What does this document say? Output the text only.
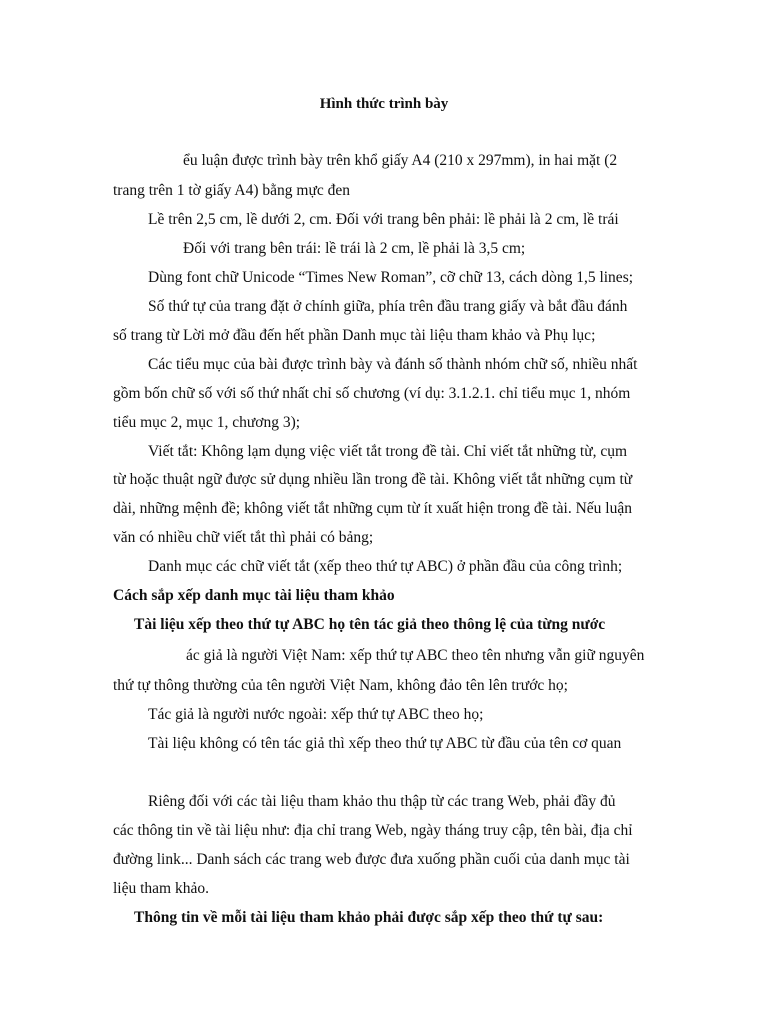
Hình thức trình bày

ểu luận được trình bày trên khổ giấy A4 (210 x 297mm), in hai mặt (2

trang trên 1 tờ giấy A4) bằng mực đen

Lề trên 2,5 cm, lề dưới 2, cm. Đối với trang bên phải: lề phải là 2 cm, lề trái

Đối với trang bên trái: lề trái là 2 cm, lề phải là 3,5 cm;

Dùng font chữ Unicode “Times New Roman”, cỡ chữ 13, cách dòng 1,5 lines;

Số thứ tự của trang đặt ở chính giữa, phía trên đầu trang giấy và bắt đầu đánh

số trang từ Lời mở đầu đến hết phần Danh mục tài liệu tham khảo và Phụ lục;

Các tiểu mục của bài được trình bày và đánh số thành nhóm chữ số, nhiều nhất

gồm bốn chữ số với số thứ nhất chỉ số chương (ví dụ: 3.1.2.1. chỉ tiểu mục 1, nhóm

tiểu mục 2, mục 1, chương 3);

Viết tắt: Không lạm dụng việc viết tắt trong đề tài. Chỉ viết tắt những từ, cụm

từ hoặc thuật ngữ được sử dụng nhiều lần trong đề tài. Không viết tắt những cụm từ

dài, những mệnh đề; không viết tắt những cụm từ ít xuất hiện trong đề tài. Nếu luận

văn có nhiều chữ viết tắt thì phải có bảng;

Danh mục các chữ viết tắt (xếp theo thứ tự ABC) ở phần đầu của công trình;

Cách sắp xếp danh mục tài liệu tham khảo

Tài liệu xếp theo thứ tự ABC họ tên tác giả theo thông lệ của từng nước

ác giả là người Việt Nam: xếp thứ tự ABC theo tên nhưng vẫn giữ nguyên

thứ tự thông thường của tên người Việt Nam, không đảo tên lên trước họ;

Tác giả là người nước ngoài: xếp thứ tự ABC theo họ;

Tài liệu không có tên tác giả thì xếp theo thứ tự ABC từ đầu của tên cơ quan

Riêng đối với các tài liệu tham khảo thu thập từ các trang Web, phải đầy đủ

các thông tin về tài liệu như: địa chỉ trang Web, ngày tháng truy cập, tên bài, địa chỉ

đường link... Danh sách các trang web được đưa xuống phần cuối của danh mục tài

liệu tham khảo.

Thông tin về mỗi tài liệu tham khảo phải được sắp xếp theo thứ tự sau:
